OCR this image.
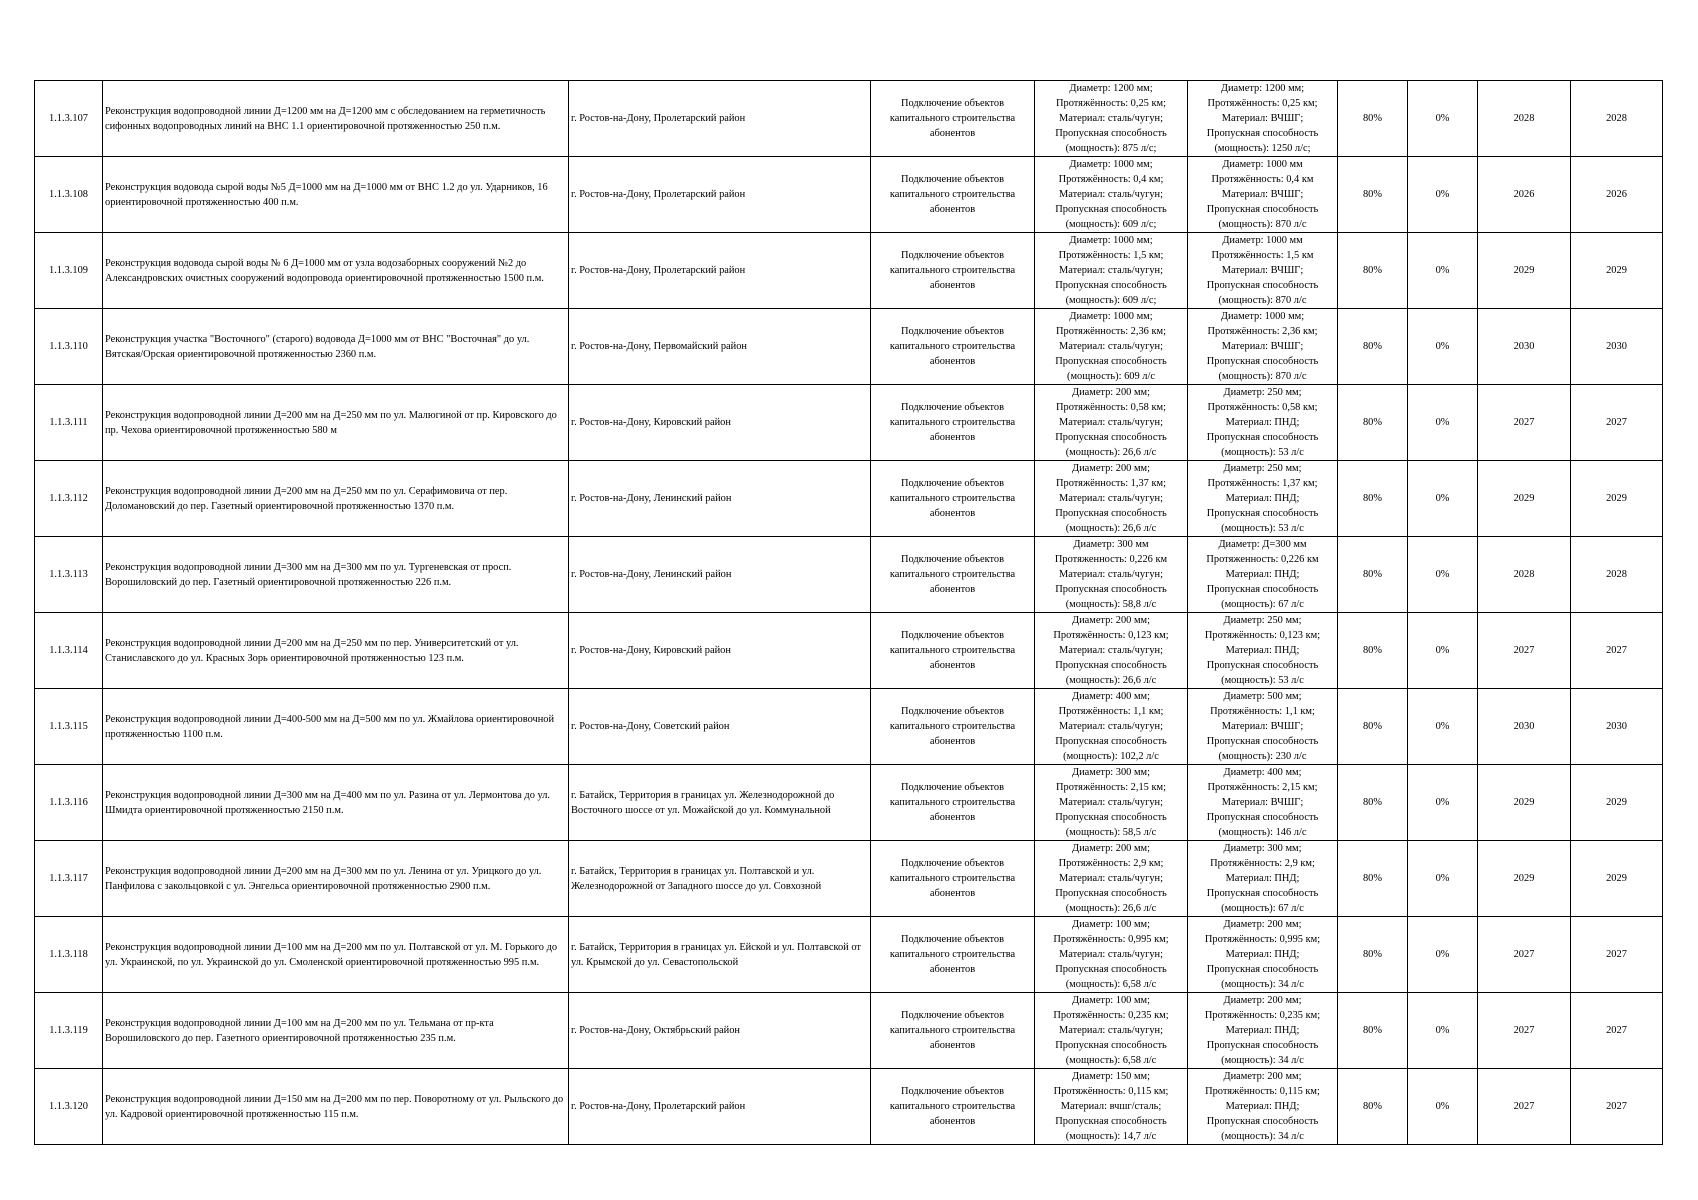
1.1.3.107	Реконструкция водопроводной линии Д=1200 мм на Д=1200 мм с обследованием на герметичность сифонных водопроводных линий на ВНС 1.1 ориентировочной протяженностью 250 п.м.	г. Ростов-на-Дону, Пролетарский район	Подключение объектов капитального строительства абонентов	Диаметр: 1200 мм;
Протяжённость: 0,25 км;
Материал: сталь/чугун;
Пропускная способность
(мощность): 875 л/с;	Диаметр: 1200 мм;
Протяжённость: 0,25 км;
Материал: ВЧШГ;
Пропускная способность
(мощность): 1250 л/с;	80%	0%	2028	2028

1.1.3.108	Реконструкция водовода сырой воды №5 Д=1000 мм на Д=1000 мм от ВНС 1.2 до ул. Ударников, 16 ориентировочной протяженностью 400 п.м.	г. Ростов-на-Дону, Пролетарский район	Подключение объектов капитального строительства абонентов	Диаметр: 1000 мм;
Протяжённость: 0,4 км;
Материал: сталь/чугун;
Пропускная способность
(мощность): 609 л/с;	Диаметр: 1000 мм
Протяжённость: 0,4 км
Материал: ВЧШГ;
Пропускная способность
(мощность): 870 л/с	80%	0%	2026	2026

1.1.3.109	Реконструкция водовода сырой воды № 6 Д=1000 мм от узла водозаборных сооружений №2 до Александровских очистных сооружений водопровода ориентировочной протяженностью 1500 п.м.	г. Ростов-на-Дону, Пролетарский район	Подключение объектов капитального строительства абонентов	Диаметр: 1000 мм;
Протяжённость: 1,5 км;
Материал: сталь/чугун;
Пропускная способность
(мощность): 609 л/с;	Диаметр: 1000 мм
Протяжённость: 1,5 км
Материал: ВЧШГ;
Пропускная способность
(мощность): 870 л/с	80%	0%	2029	2029

1.1.3.110	Реконструкция участка "Восточного" (старого) водовода Д=1000 мм от ВНС "Восточная" до ул. Вятская/Орская ориентировочной протяженностью 2360 п.м.	г. Ростов-на-Дону, Первомайский район	Подключение объектов капитального строительства абонентов	Диаметр: 1000 мм;
Протяжённость: 2,36 км;
Материал: сталь/чугун;
Пропускная способность
(мощность): 609 л/с	Диаметр: 1000 мм;
Протяжённость: 2,36 км;
Материал: ВЧШГ;
Пропускная способность
(мощность): 870 л/с	80%	0%	2030	2030

1.1.3.111	Реконструкция водопроводной линии Д=200 мм на Д=250 мм по ул. Малюгиной от пр. Кировского до пр. Чехова ориентировочной протяженностью 580 м	г. Ростов-на-Дону, Кировский район	Подключение объектов капитального строительства абонентов	Диаметр: 200 мм;
Протяжённость: 0,58 км;
Материал: сталь/чугун;
Пропускная способность
(мощность): 26,6 л/с	Диаметр: 250 мм;
Протяжённость: 0,58 км;
Материал: ПНД;
Пропускная способность
(мощность): 53 л/с	80%	0%	2027	2027

1.1.3.112	Реконструкция водопроводной линии Д=200 мм на Д=250 мм по ул. Серафимовича от пер. Доломановский до пер. Газетный ориентировочной протяженностью 1370 п.м.	г. Ростов-на-Дону, Ленинский район	Подключение объектов капитального строительства абонентов	Диаметр: 200 мм;
Протяжённость: 1,37 км;
Материал: сталь/чугун;
Пропускная способность
(мощность): 26,6 л/с	Диаметр: 250 мм;
Протяжённость: 1,37 км;
Материал: ПНД;
Пропускная способность
(мощность): 53 л/с	80%	0%	2029	2029

1.1.3.113	Реконструкция водопроводной линии Д=300 мм на Д=300 мм по ул. Тургеневская от просп. Ворошиловский до пер. Газетный ориентировочной протяженностью 226 п.м.	г. Ростов-на-Дону, Ленинский район	Подключение объектов капитального строительства абонентов	Диаметр: 300 мм
Протяженность: 0,226 км
Материал: сталь/чугун;
Пропускная способность
(мощность): 58,8 л/с	Диаметр: Д=300 мм
Протяженность: 0,226 км
Материал: ПНД;
Пропускная способность
(мощность): 67 л/с	80%	0%	2028	2028

1.1.3.114	Реконструкция водопроводной линии Д=200 мм на Д=250 мм по пер. Университетский от ул. Станиславского до ул. Красных Зорь ориентировочной протяженностью 123 п.м.	г. Ростов-на-Дону, Кировский район	Подключение объектов капитального строительства абонентов	Диаметр: 200 мм;
Протяжённость: 0,123 км;
Материал: сталь/чугун;
Пропускная способность
(мощность): 26,6 л/с	Диаметр: 250 мм;
Протяжённость: 0,123 км;
Материал: ПНД;
Пропускная способность
(мощность): 53 л/с	80%	0%	2027	2027

1.1.3.115	Реконструкция водопроводной линии Д=400-500 мм на Д=500 мм по ул. Жмайлова ориентировочной протяженностью 1100 п.м.	г. Ростов-на-Дону, Советский район	Подключение объектов капитального строительства абонентов	Диаметр: 400 мм;
Протяжённость: 1,1 км;
Материал: сталь/чугун;
Пропускная способность
(мощность): 102,2 л/с	Диаметр: 500 мм;
Протяжённость: 1,1 км;
Материал: ВЧШГ;
Пропускная способность
(мощность): 230 л/с	80%	0%	2030	2030

1.1.3.116	Реконструкция водопроводной линии Д=300 мм на Д=400 мм по ул. Разина от ул. Лермонтова до ул. Шмидта ориентировочной протяженностью 2150 п.м.	г. Батайск, Территория в границах ул. Железнодорожной до Восточного шоссе от ул. Можайской до ул. Коммунальной	Подключение объектов капитального строительства абонентов	Диаметр: 300 мм;
Протяжённость: 2,15 км;
Материал: сталь/чугун;
Пропускная способность
(мощность): 58,5 л/с	Диаметр: 400 мм;
Протяжённость: 2,15 км;
Материал: ВЧШГ;
Пропускная способность
(мощность): 146 л/с	80%	0%	2029	2029

1.1.3.117	Реконструкция водопроводной линии Д=200 мм на Д=300 мм по ул. Ленина от ул. Урицкого до ул. Панфилова с закольцовкой с ул. Энгельса ориентировочной протяженностью 2900 п.м.	г. Батайск, Территория в границах ул. Полтавской и ул. Железнодорожной от Западного шоссе до ул. Совхозной	Подключение объектов капитального строительства абонентов	Диаметр: 200 мм;
Протяжённость: 2,9 км;
Материал: сталь/чугун;
Пропускная способность
(мощность): 26,6 л/с	Диаметр: 300 мм;
Протяжённость: 2,9 км;
Материал: ПНД;
Пропускная способность
(мощность): 67 л/с	80%	0%	2029	2029

1.1.3.118	Реконструкция водопроводной линии Д=100 мм на Д=200 мм по ул. Полтавской от ул. М. Горького до ул. Украинской, по ул. Украинской до ул. Смоленской ориентировочной протяженностью 995 п.м.	г. Батайск, Территория в границах ул. Ейской и ул. Полтавской от ул. Крымской до ул. Севастопольской	Подключение объектов капитального строительства абонентов	Диаметр: 100 мм;
Протяжённость: 0,995 км;
Материал: сталь/чугун;
Пропускная способность
(мощность): 6,58 л/с	Диаметр: 200 мм;
Протяжённость: 0,995 км;
Материал: ПНД;
Пропускная способность
(мощность): 34 л/с	80%	0%	2027	2027

1.1.3.119	Реконструкция водопроводной линии Д=100 мм на Д=200 мм по ул. Тельмана от пр-кта Ворошиловского до пер. Газетного ориентировочной протяженностью 235 п.м.	г. Ростов-на-Дону, Октябрьский район	Подключение объектов капитального строительства абонентов	Диаметр: 100 мм;
Протяжённость: 0,235 км;
Материал: сталь/чугун;
Пропускная способность
(мощность): 6,58 л/с	Диаметр: 200 мм;
Протяжённость: 0,235 км;
Материал: ПНД;
Пропускная способность
(мощность): 34 л/с	80%	0%	2027	2027

1.1.3.120	Реконструкция водопроводной линии Д=150 мм на Д=200 мм по пер. Поворотному от ул. Рыльского до ул. Кадровой ориентировочной протяженностью 115 п.м.	г. Ростов-на-Дону, Пролетарский район	Подключение объектов капитального строительства абонентов	Диаметр: 150 мм;
Протяжённость: 0,115 км;
Материал: вчшг/сталь;
Пропускная способность
(мощность): 14,7 л/с	Диаметр: 200 мм;
Протяжённость: 0,115 км;
Материал: ПНД;
Пропускная способность
(мощность): 34 л/с	80%	0%	2027	2027
